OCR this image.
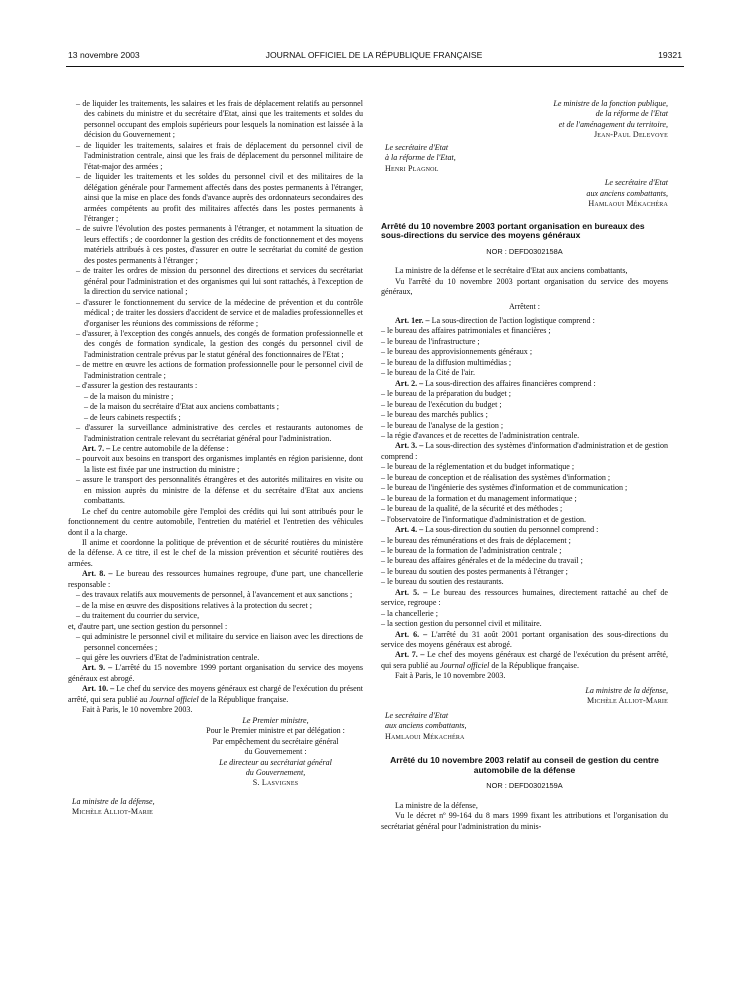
13 novembre 2003	JOURNAL OFFICIEL DE LA RÉPUBLIQUE FRANÇAISE	19321

– de liquider les traitements, les salaires et les frais de déplacement relatifs au personnel des cabinets du ministre et du secrétaire d'Etat, ainsi que les traitements et soldes du personnel occupant des emplois supérieurs pour lesquels la nomination est laissée à la décision du Gouvernement ;

– de liquider les traitements, salaires et frais de déplacement du personnel civil de l'administration centrale, ainsi que les frais de déplacement du personnel militaire de l'état-major des armées ;

– de liquider les traitements et les soldes du personnel civil et des militaires de la délégation générale pour l'armement affectés dans des postes permanents à l'étranger, ainsi que la mise en place des fonds d'avance auprès des ordonnateurs secondaires des armées compétents au profit des militaires affectés dans les postes permanents à l'étranger ;

– de suivre l'évolution des postes permanents à l'étranger, et notamment la situation de leurs effectifs ; de coordonner la gestion des crédits de fonctionnement et des moyens matériels attribués à ces postes, d'assurer en outre le secrétariat du comité de gestion des postes permanents à l'étranger ;

– de traiter les ordres de mission du personnel des directions et services du secrétariat général pour l'administration et des organismes qui lui sont rattachés, à l'exception de la direction du service national ;

– d'assurer le fonctionnement du service de la médecine de prévention et du contrôle médical ; de traiter les dossiers d'accident de service et de maladies professionnelles et d'organiser les réunions des commissions de réforme ;

– d'assurer, à l'exception des congés annuels, des congés de formation professionnelle et des congés de formation syndicale, la gestion des congés du personnel civil de l'administration centrale prévus par le statut général des fonctionnaires de l'Etat ;

– de mettre en œuvre les actions de formation professionnelle pour le personnel civil de l'administration centrale ;

– d'assurer la gestion des restaurants :

– de la maison du ministre ;

– de la maison du secrétaire d'Etat aux anciens combattants ;

– de leurs cabinets respectifs ;

– d'assurer la surveillance administrative des cercles et restaurants autonomes de l'administration centrale relevant du secrétariat général pour l'administration.

Art. 7. – Le centre automobile de la défense :

– pourvoit aux besoins en transport des organismes implantés en région parisienne, dont la liste est fixée par une instruction du ministre ;

– assure le transport des personnalités étrangères et des autorités militaires en visite ou en mission auprès du ministre de la défense et du secrétaire d'Etat aux anciens combattants.

Le chef du centre automobile gère l'emploi des crédits qui lui sont attribués pour le fonctionnement du centre automobile, l'entretien du matériel et l'entretien des véhicules dont il a la charge.

Il anime et coordonne la politique de prévention et de sécurité routières du ministère de la défense. A ce titre, il est le chef de la mission prévention et sécurité routières des armées.

Art. 8. – Le bureau des ressources humaines regroupe, d'une part, une chancellerie responsable :

– des travaux relatifs aux mouvements de personnel, à l'avancement et aux sanctions ;

– de la mise en œuvre des dispositions relatives à la protection du secret ;

– du traitement du courrier du service,

et, d'autre part, une section gestion du personnel :

– qui administre le personnel civil et militaire du service en liaison avec les directions de personnel concernées ;

– qui gère les ouvriers d'Etat de l'administration centrale.

Art. 9. – L'arrêté du 15 novembre 1999 portant organisation du service des moyens généraux est abrogé.

Art. 10. – Le chef du service des moyens généraux est chargé de l'exécution du présent arrêté, qui sera publié au Journal officiel de la République française.

Fait à Paris, le 10 novembre 2003.

Le Premier ministre,
Pour le Premier ministre et par délégation :
Par empêchement du secrétaire général
du Gouvernement :
Le directeur au secrétariat général
du Gouvernement,
S. Lasvignes
La ministre de la défense,
Michèle Alliot-Marie
Le ministre de la fonction publique,
de la réforme de l'Etat
et de l'aménagement du territoire,
Jean-Paul Delevoye
Le secrétaire d'Etat
à la réforme de l'Etat,
Henri Plagnol
Le secrétaire d'Etat
aux anciens combattants,
Hamlaoui Mékachéra
Arrêté du 10 novembre 2003 portant organisation en bureaux des sous-directions du service des moyens généraux
NOR : DEFD0302158A

La ministre de la défense et le secrétaire d'Etat aux anciens combattants,

Vu l'arrêté du 10 novembre 2003 portant organisation du service des moyens généraux,

Arrêtent :

Art. 1er. – La sous-direction de l'action logistique comprend :

– le bureau des affaires patrimoniales et financières ;

– le bureau de l'infrastructure ;

– le bureau des approvisionnements généraux ;

– le bureau de la diffusion multimédias ;

– le bureau de la Cité de l'air.

Art. 2. – La sous-direction des affaires financières comprend :

– le bureau de la préparation du budget ;

– le bureau de l'exécution du budget ;

– le bureau des marchés publics ;

– le bureau de l'analyse de la gestion ;

– la régie d'avances et de recettes de l'administration centrale.

Art. 3. – La sous-direction des systèmes d'information d'administration et de gestion comprend :

– le bureau de la réglementation et du budget informatique ;

– le bureau de conception et de réalisation des systèmes d'information ;

– le bureau de l'ingénierie des systèmes d'information et de communication ;

– le bureau de la formation et du management informatique ;

– le bureau de la qualité, de la sécurité et des méthodes ;

– l'observatoire de l'informatique d'administration et de gestion.

Art. 4. – La sous-direction du soutien du personnel comprend :

– le bureau des rémunérations et des frais de déplacement ;

– le bureau de la formation de l'administration centrale ;

– le bureau des affaires générales et de la médecine du travail ;

– le bureau du soutien des postes permanents à l'étranger ;

– le bureau du soutien des restaurants.

Art. 5. – Le bureau des ressources humaines, directement rattaché au chef de service, regroupe :

– la chancellerie ;

– la section gestion du personnel civil et militaire.

Art. 6. – L'arrêté du 31 août 2001 portant organisation des sous-directions du service des moyens généraux est abrogé.

Art. 7. – Le chef des moyens généraux est chargé de l'exécution du présent arrêté, qui sera publié au Journal officiel de la République française.

Fait à Paris, le 10 novembre 2003.

La ministre de la défense,
Michèle Alliot-Marie
Le secrétaire d'Etat
aux anciens combattants,
Hamlaoui Mékachéra
Arrêté du 10 novembre 2003 relatif au conseil de gestion du centre automobile de la défense
NOR : DEFD0302159A

La ministre de la défense,

Vu le décret nº 99-164 du 8 mars 1999 fixant les attributions et l'organisation du secrétariat général pour l'administration du minis-
